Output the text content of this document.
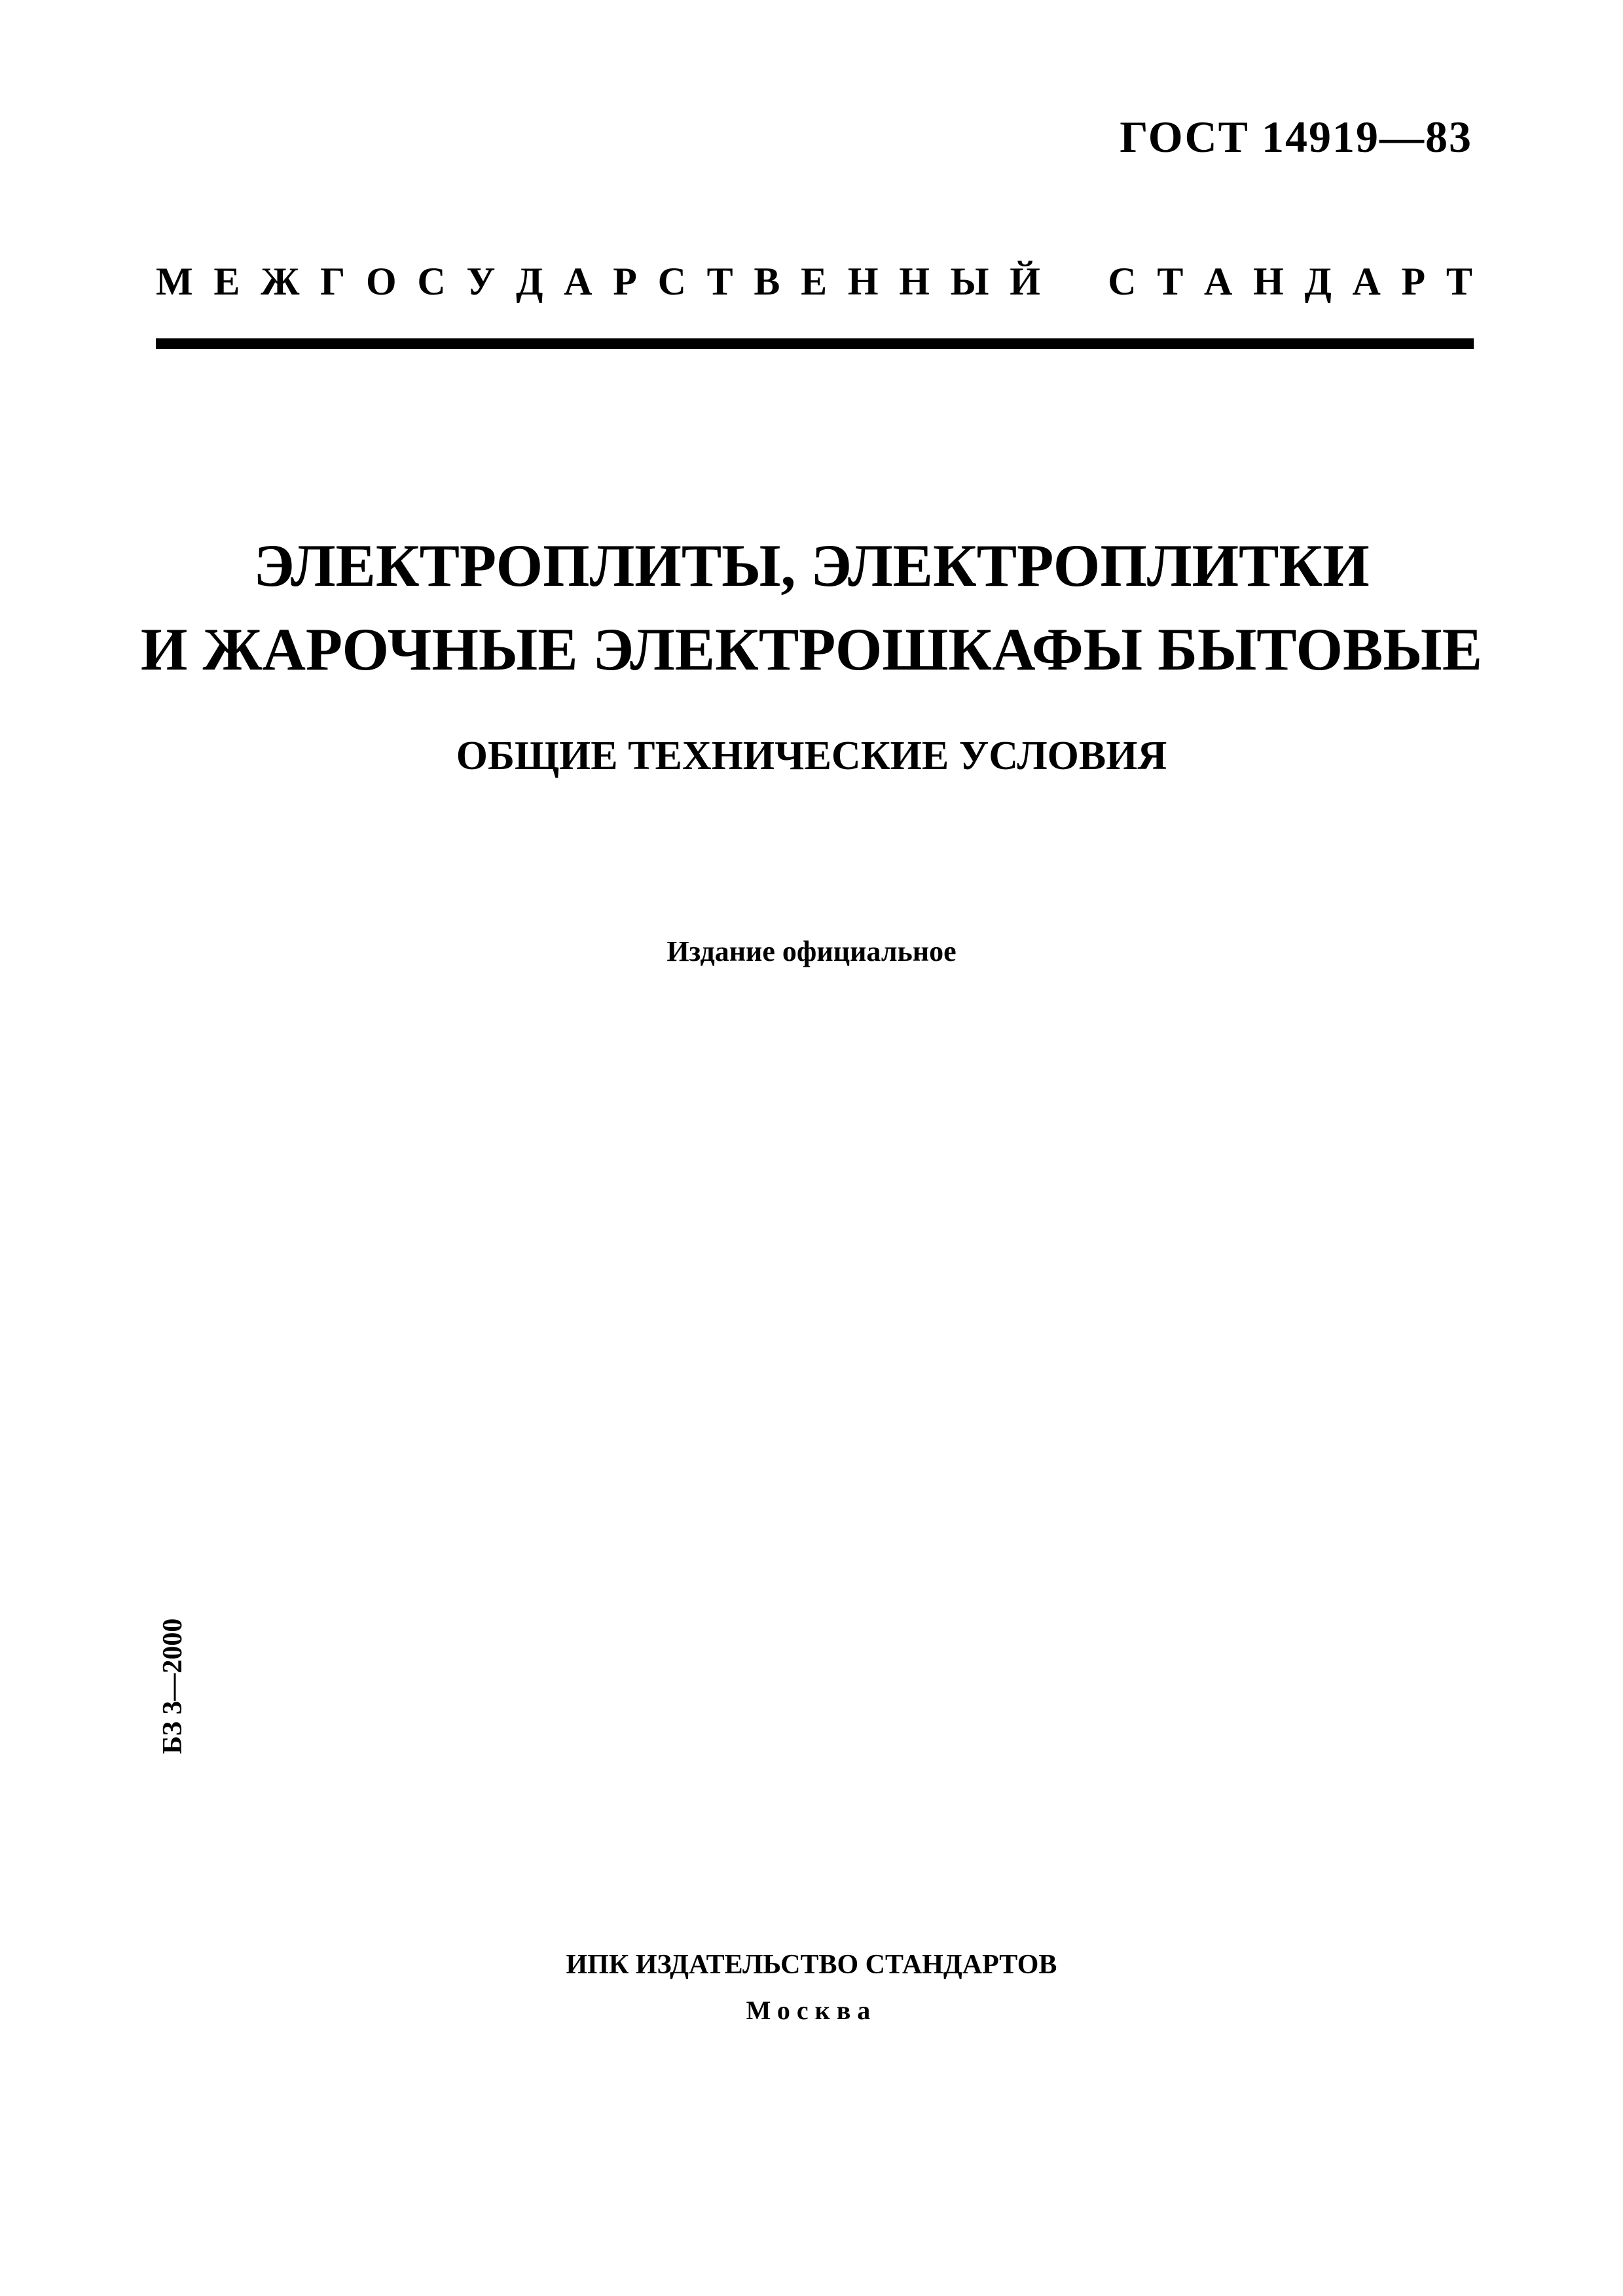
ГОСТ 14919—83
М Е Ж Г О С У Д А Р С Т В Е Н Н Ы Й
С Т А Н Д А Р Т
ЭЛЕКТРОПЛИТЫ, ЭЛЕКТРОПЛИТКИ
И ЖАРОЧНЫЕ ЭЛЕКТРОШКАФЫ БЫТОВЫЕ
ОБЩИЕ ТЕХНИЧЕСКИЕ УСЛОВИЯ
Издание официальное
БЗ 3—2000
ИПК ИЗДАТЕЛЬСТВО СТАНДАРТОВ
Москва
